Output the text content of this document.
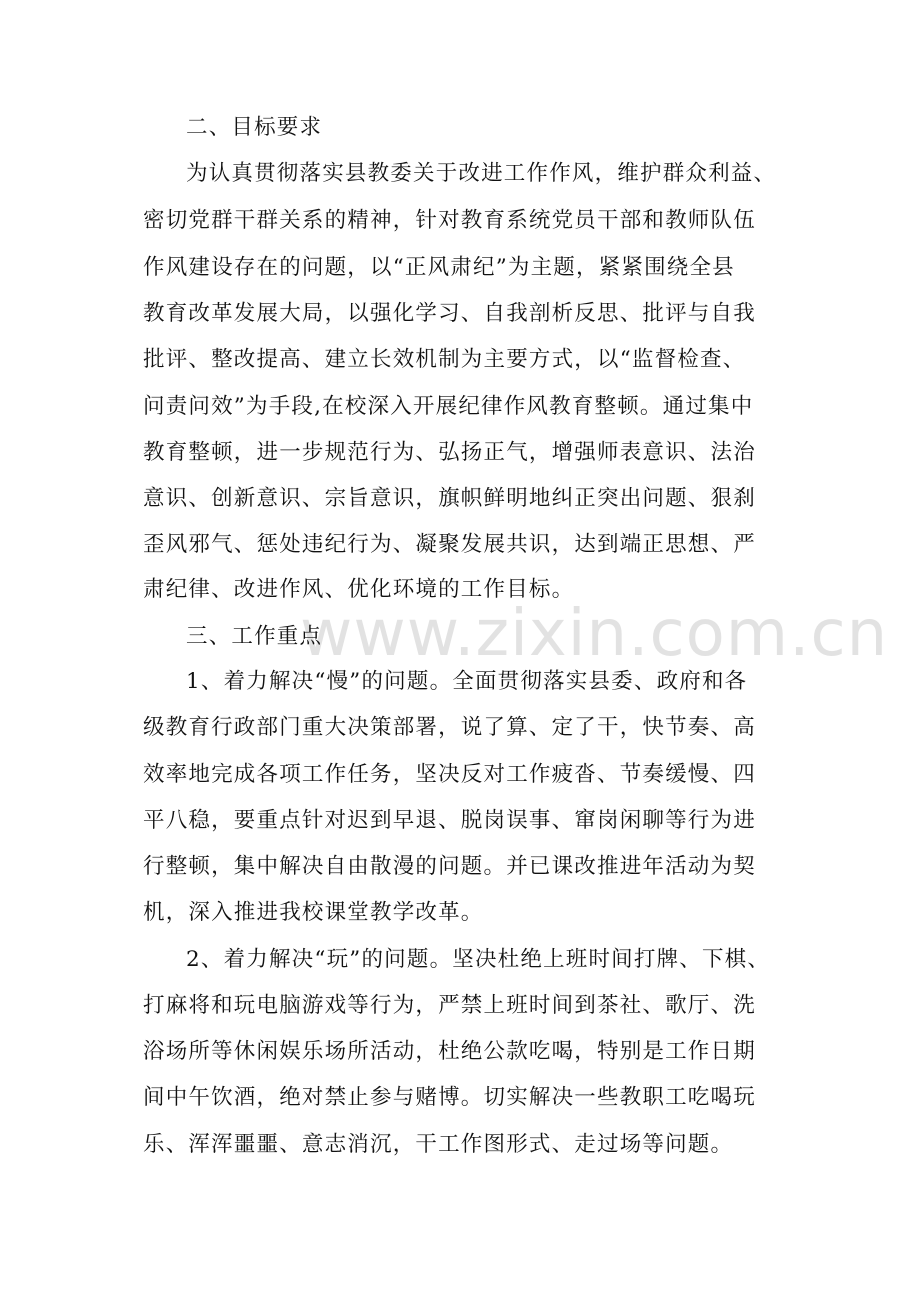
www.zixin.com.cn
二、目标要求
为认真贯彻落实县教委关于改进工作作风，维护群众利益、
密切党群干群关系的精神，针对教育系统党员干部和教师队伍
作风建设存在的问题，以“正风肃纪”为主题，紧紧围绕全县
教育改革发展大局，以强化学习、自我剖析反思、批评与自我
批评、整改提高、建立长效机制为主要方式，以“监督检查、
问责问效”为手段,在校深入开展纪律作风教育整顿。通过集中
教育整顿，进一步规范行为、弘扬正气，增强师表意识、法治
意识、创新意识、宗旨意识，旗帜鲜明地纠正突出问题、狠刹
歪风邪气、惩处违纪行为、凝聚发展共识，达到端正思想、严
肃纪律、改进作风、优化环境的工作目标。
三、工作重点
1、着力解决“慢”的问题。全面贯彻落实县委、政府和各
级教育行政部门重大决策部署，说了算、定了干，快节奏、高
效率地完成各项工作任务，坚决反对工作疲沓、节奏缓慢、四
平八稳，要重点针对迟到早退、脱岗误事、窜岗闲聊等行为进
行整顿，集中解决自由散漫的问题。并已课改推进年活动为契
机，深入推进我校课堂教学改革。
2、着力解决“玩”的问题。坚决杜绝上班时间打牌、下棋、
打麻将和玩电脑游戏等行为，严禁上班时间到茶社、歌厅、洗
浴场所等休闲娱乐场所活动，杜绝公款吃喝，特别是工作日期
间中午饮酒，绝对禁止参与赌博。切实解决一些教职工吃喝玩
乐、浑浑噩噩、意志消沉，干工作图形式、走过场等问题。
